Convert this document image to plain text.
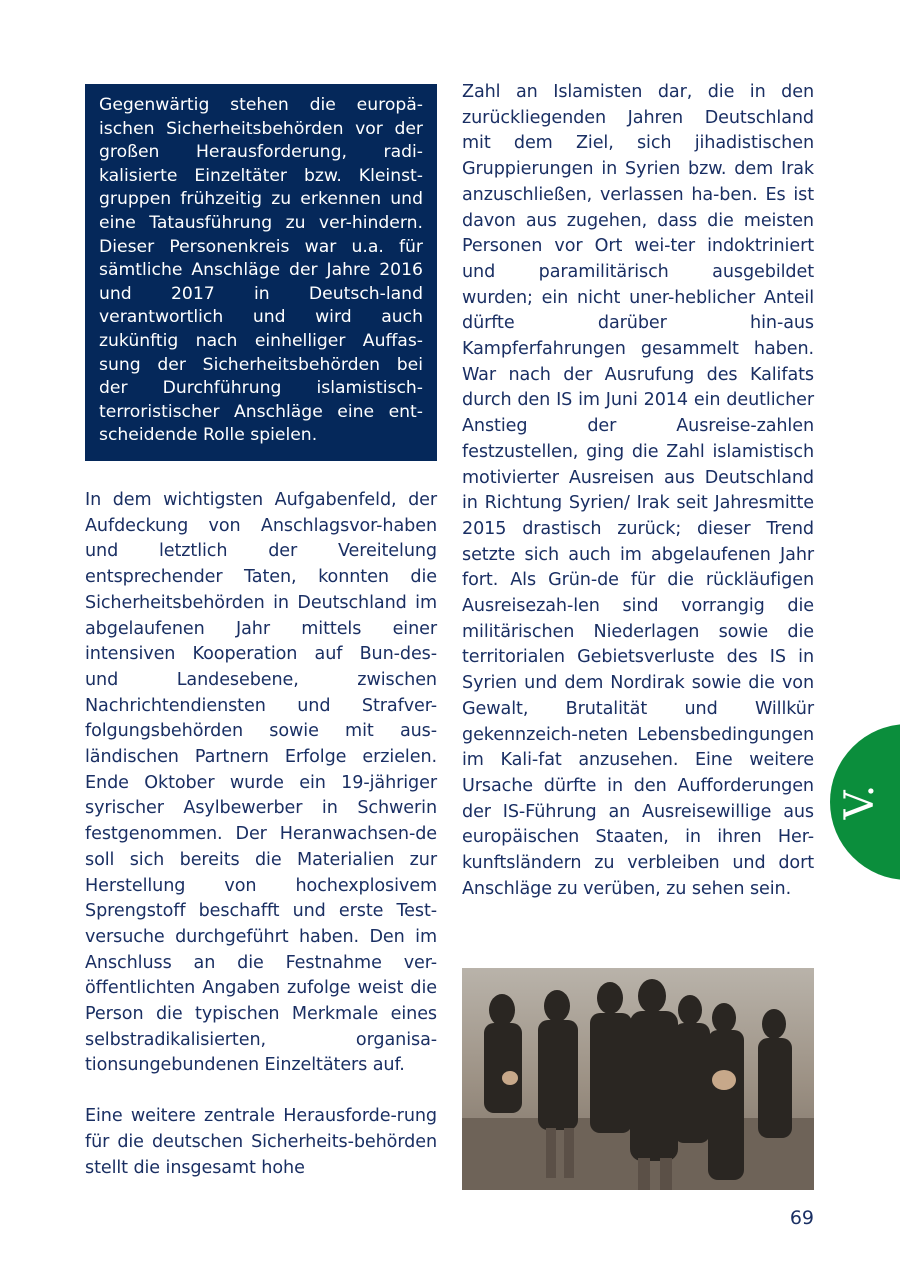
Gegenwärtig stehen die europä-ischen Sicherheitsbehörden vor der großen Herausforderung, radi-kalisierte Einzeltäter bzw. Kleinst-gruppen frühzeitig zu erkennen und eine Tatausführung zu ver-hindern. Dieser Personenkreis war u.a. für sämtliche Anschläge der Jahre 2016 und 2017 in Deutsch-land verantwortlich und wird auch zukünftig nach einhelliger Auffas-sung der Sicherheitsbehörden bei der Durchführung islamistisch-terroristischer Anschläge eine ent-scheidende Rolle spielen.

In dem wichtigsten Aufgabenfeld, der Aufdeckung von Anschlagsvor-haben und letztlich der Vereitelung entsprechender Taten, konnten die Sicherheitsbehörden in Deutschland im abgelaufenen Jahr mittels einer intensiven Kooperation auf Bun-des- und Landesebene, zwischen Nachrichtendiensten und Strafver-folgungsbehörden sowie mit aus-ländischen Partnern Erfolge erzielen. Ende Oktober wurde ein 19-jähriger syrischer Asylbewerber in Schwerin festgenommen. Der Heranwachsen-de soll sich bereits die Materialien zur Herstellung von hochexplosivem Sprengstoff beschafft und erste Test-versuche durchgeführt haben. Den im Anschluss an die Festnahme ver-öffentlichten Angaben zufolge weist die Person die typischen Merkmale eines selbstradikalisierten, organisa-tionsungebundenen Einzeltäters auf.

Eine weitere zentrale Herausforde-rung für die deutschen Sicherheits-behörden stellt die insgesamt hohe

Zahl an Islamisten dar, die in den zurückliegenden Jahren Deutschland mit dem Ziel, sich jihadistischen Gruppierungen in Syrien bzw. dem Irak anzuschließen, verlassen ha-ben. Es ist davon aus zugehen, dass die meisten Personen vor Ort wei-ter indoktriniert und paramilitärisch ausgebildet wurden; ein nicht uner-heblicher Anteil dürfte darüber hin-aus Kampferfahrungen gesammelt haben. War nach der Ausrufung des Kalifats durch den IS im Juni 2014 ein deutlicher Anstieg der Ausreise-zahlen festzustellen, ging die Zahl islamistisch motivierter Ausreisen aus Deutschland in Richtung Syrien/ Irak seit Jahresmitte 2015 drastisch zurück; dieser Trend setzte sich auch im abgelaufenen Jahr fort. Als Grün-de für die rückläufigen Ausreisezah-len sind vorrangig die militärischen Niederlagen sowie die territorialen Gebietsverluste des IS in Syrien und dem Nordirak sowie die von Gewalt, Brutalität und Willkür gekennzeich-neten Lebensbedingungen im Kali-fat anzusehen. Eine weitere Ursache dürfte in den Aufforderungen der IS-Führung an Ausreisewillige aus europäischen Staaten, in ihren Her-kunftsländern zu verbleiben und dort Anschläge zu verüben, zu sehen sein.

V.
69
